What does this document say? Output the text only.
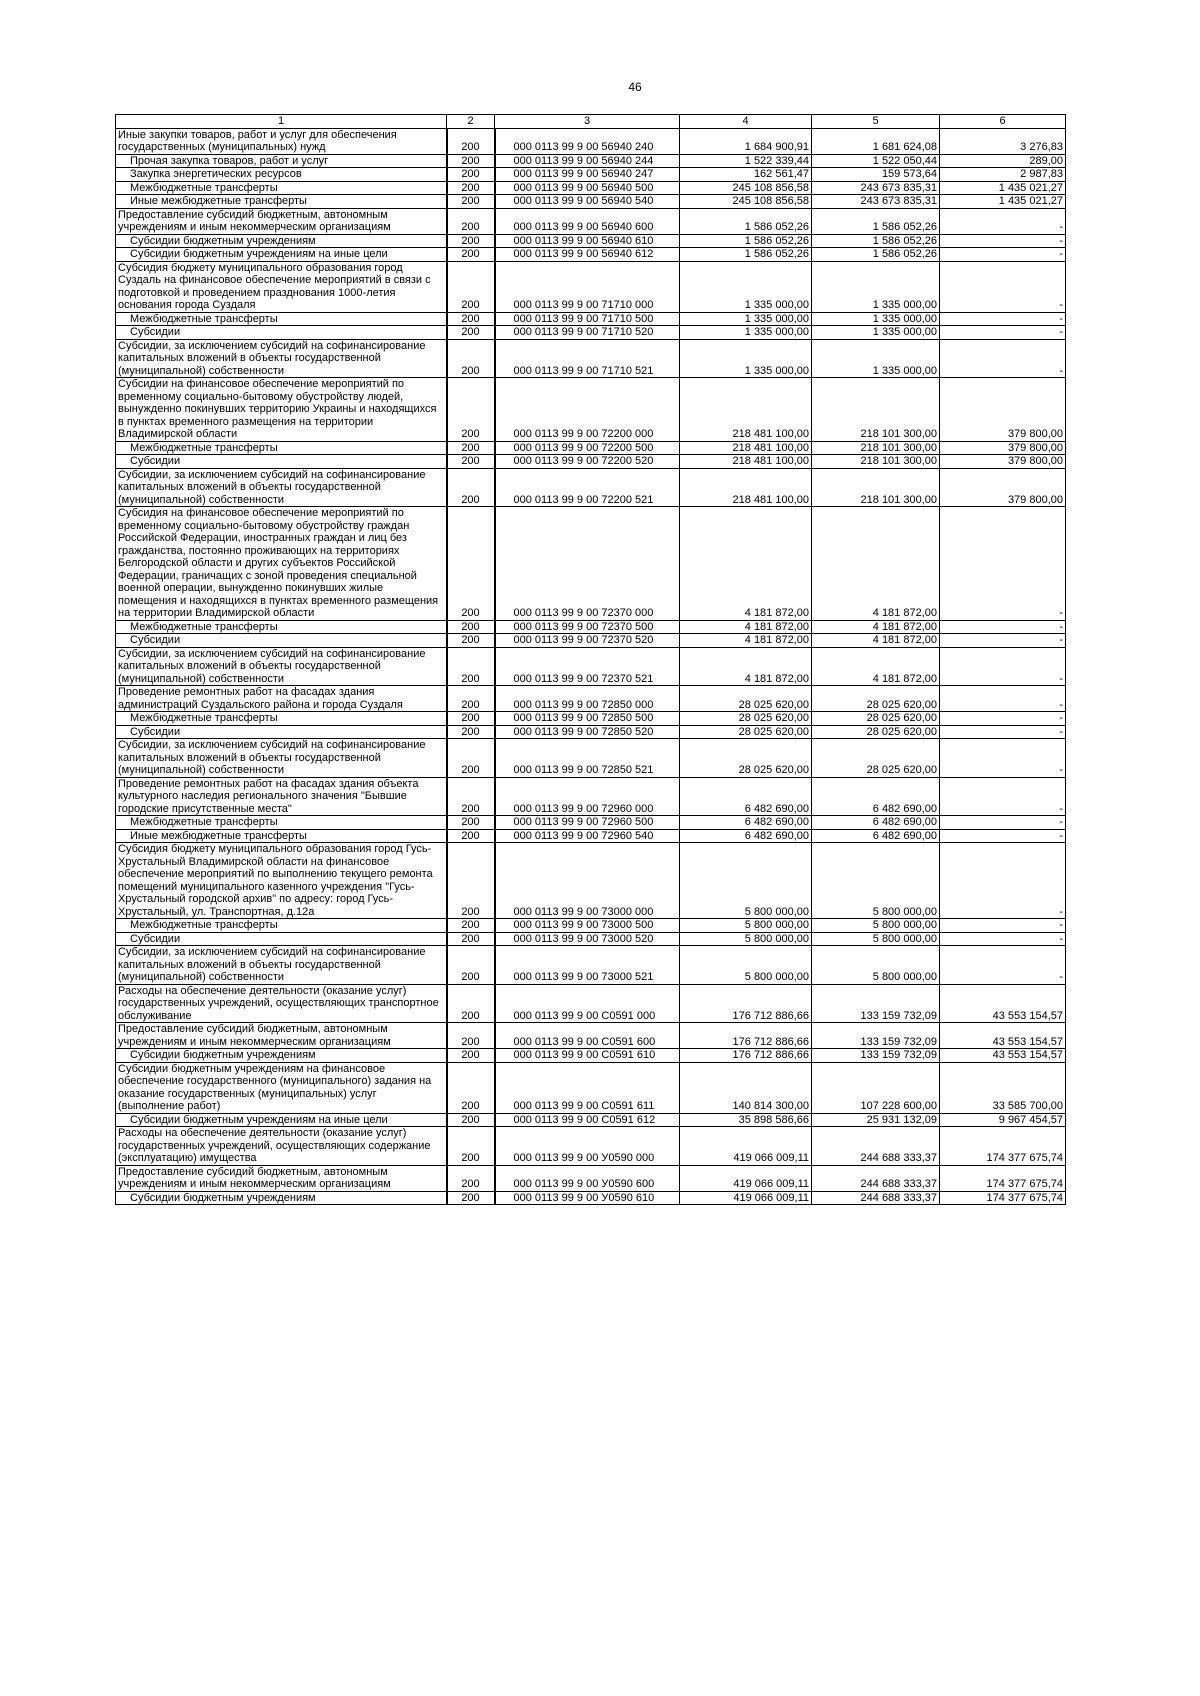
46
1	2	3	4	5	6
Иные закупки товаров, работ и услуг для обеспечения государственных (муниципальных) нужд	200	000 0113 99 9 00 56940 240	1 684 900,91	1 681 624,08	3 276,83
Прочая закупка товаров, работ и услуг	200	000 0113 99 9 00 56940 244	1 522 339,44	1 522 050,44	289,00
Закупка энергетических ресурсов	200	000 0113 99 9 00 56940 247	162 561,47	159 573,64	2 987,83
Межбюджетные трансферты	200	000 0113 99 9 00 56940 500	245 108 856,58	243 673 835,31	1 435 021,27
Иные межбюджетные трансферты	200	000 0113 99 9 00 56940 540	245 108 856,58	243 673 835,31	1 435 021,27
Предоставление субсидий бюджетным, автономным учреждениям и иным некоммерческим организациям	200	000 0113 99 9 00 56940 600	1 586 052,26	1 586 052,26	-
Субсидии бюджетным учреждениям	200	000 0113 99 9 00 56940 610	1 586 052,26	1 586 052,26	-
Субсидии бюджетным учреждениям на иные цели	200	000 0113 99 9 00 56940 612	1 586 052,26	1 586 052,26	-
Субсидия бюджету муниципального образования город Суздаль на финансовое обеспечение мероприятий в связи с подготовкой и проведением празднования 1000-летия основания города Суздаля	200	000 0113 99 9 00 71710 000	1 335 000,00	1 335 000,00	-
Межбюджетные трансферты	200	000 0113 99 9 00 71710 500	1 335 000,00	1 335 000,00	-
Субсидии	200	000 0113 99 9 00 71710 520	1 335 000,00	1 335 000,00	-
Субсидии, за исключением субсидий на софинансирование капитальных вложений в объекты государственной (муниципальной) собственности	200	000 0113 99 9 00 71710 521	1 335 000,00	1 335 000,00	-
Субсидии на финансовое обеспечение мероприятий по временному социально-бытовому обустройству людей, вынужденно покинувших территорию Украины и находящихся в пунктах временного размещения на территории Владимирской области	200	000 0113 99 9 00 72200 000	218 481 100,00	218 101 300,00	379 800,00
Межбюджетные трансферты	200	000 0113 99 9 00 72200 500	218 481 100,00	218 101 300,00	379 800,00
Субсидии	200	000 0113 99 9 00 72200 520	218 481 100,00	218 101 300,00	379 800,00
Субсидии, за исключением субсидий на софинансирование капитальных вложений в объекты государственной (муниципальной) собственности	200	000 0113 99 9 00 72200 521	218 481 100,00	218 101 300,00	379 800,00
Субсидия на финансовое обеспечение мероприятий по временному социально-бытовому обустройству граждан Российской Федерации, иностранных граждан и лиц без гражданства, постоянно проживающих на территориях Белгородской области и других субъектов Российской Федерации, граничащих с зоной проведения специальной военной операции, вынужденно покинувших жилые помещения и находящихся в пунктах временного размещения на территории Владимирской области	200	000 0113 99 9 00 72370 000	4 181 872,00	4 181 872,00	-
Межбюджетные трансферты	200	000 0113 99 9 00 72370 500	4 181 872,00	4 181 872,00	-
Субсидии	200	000 0113 99 9 00 72370 520	4 181 872,00	4 181 872,00	-
Субсидии, за исключением субсидий на софинансирование капитальных вложений в объекты государственной (муниципальной) собственности	200	000 0113 99 9 00 72370 521	4 181 872,00	4 181 872,00	-
Проведение ремонтных работ на фасадах здания администраций Суздальского района и города Суздаля	200	000 0113 99 9 00 72850 000	28 025 620,00	28 025 620,00	-
Межбюджетные трансферты	200	000 0113 99 9 00 72850 500	28 025 620,00	28 025 620,00	-
Субсидии	200	000 0113 99 9 00 72850 520	28 025 620,00	28 025 620,00	-
Субсидии, за исключением субсидий на софинансирование капитальных вложений в объекты государственной (муниципальной) собственности	200	000 0113 99 9 00 72850 521	28 025 620,00	28 025 620,00	-
Проведение ремонтных работ на фасадах здания объекта культурного наследия регионального значения "Бывшие городские присутственные места"	200	000 0113 99 9 00 72960 000	6 482 690,00	6 482 690,00	-
Межбюджетные трансферты	200	000 0113 99 9 00 72960 500	6 482 690,00	6 482 690,00	-
Иные межбюджетные трансферты	200	000 0113 99 9 00 72960 540	6 482 690,00	6 482 690,00	-
Субсидия бюджету муниципального образования город Гусь-Хрустальный Владимирской области на финансовое обеспечение мероприятий по выполнению текущего ремонта помещений муниципального казенного учреждения "Гусь-Хрустальный городской архив" по адресу: город Гусь-Хрустальный, ул. Транспортная, д.12а	200	000 0113 99 9 00 73000 000	5 800 000,00	5 800 000,00	-
Межбюджетные трансферты	200	000 0113 99 9 00 73000 500	5 800 000,00	5 800 000,00	-
Субсидии	200	000 0113 99 9 00 73000 520	5 800 000,00	5 800 000,00	-
Субсидии, за исключением субсидий на софинансирование капитальных вложений в объекты государственной (муниципальной) собственности	200	000 0113 99 9 00 73000 521	5 800 000,00	5 800 000,00	-
Расходы на обеспечение деятельности (оказание услуг) государственных учреждений, осуществляющих транспортное обслуживание	200	000 0113 99 9 00 С0591 000	176 712 886,66	133 159 732,09	43 553 154,57
Предоставление субсидий бюджетным, автономным учреждениям и иным некоммерческим организациям	200	000 0113 99 9 00 С0591 600	176 712 886,66	133 159 732,09	43 553 154,57
Субсидии бюджетным учреждениям	200	000 0113 99 9 00 С0591 610	176 712 886,66	133 159 732,09	43 553 154,57
Субсидии бюджетным учреждениям на финансовое обеспечение государственного (муниципального) задания на оказание государственных (муниципальных) услуг (выполнение работ)	200	000 0113 99 9 00 С0591 611	140 814 300,00	107 228 600,00	33 585 700,00
Субсидии бюджетным учреждениям на иные цели	200	000 0113 99 9 00 С0591 612	35 898 586,66	25 931 132,09	9 967 454,57
Расходы на обеспечение деятельности (оказание услуг) государственных учреждений, осуществляющих содержание (эксплуатацию) имущества	200	000 0113 99 9 00 У0590 000	419 066 009,11	244 688 333,37	174 377 675,74
Предоставление субсидий бюджетным, автономным учреждениям и иным некоммерческим организациям	200	000 0113 99 9 00 У0590 600	419 066 009,11	244 688 333,37	174 377 675,74
Субсидии бюджетным учреждениям	200	000 0113 99 9 00 У0590 610	419 066 009,11	244 688 333,37	174 377 675,74
